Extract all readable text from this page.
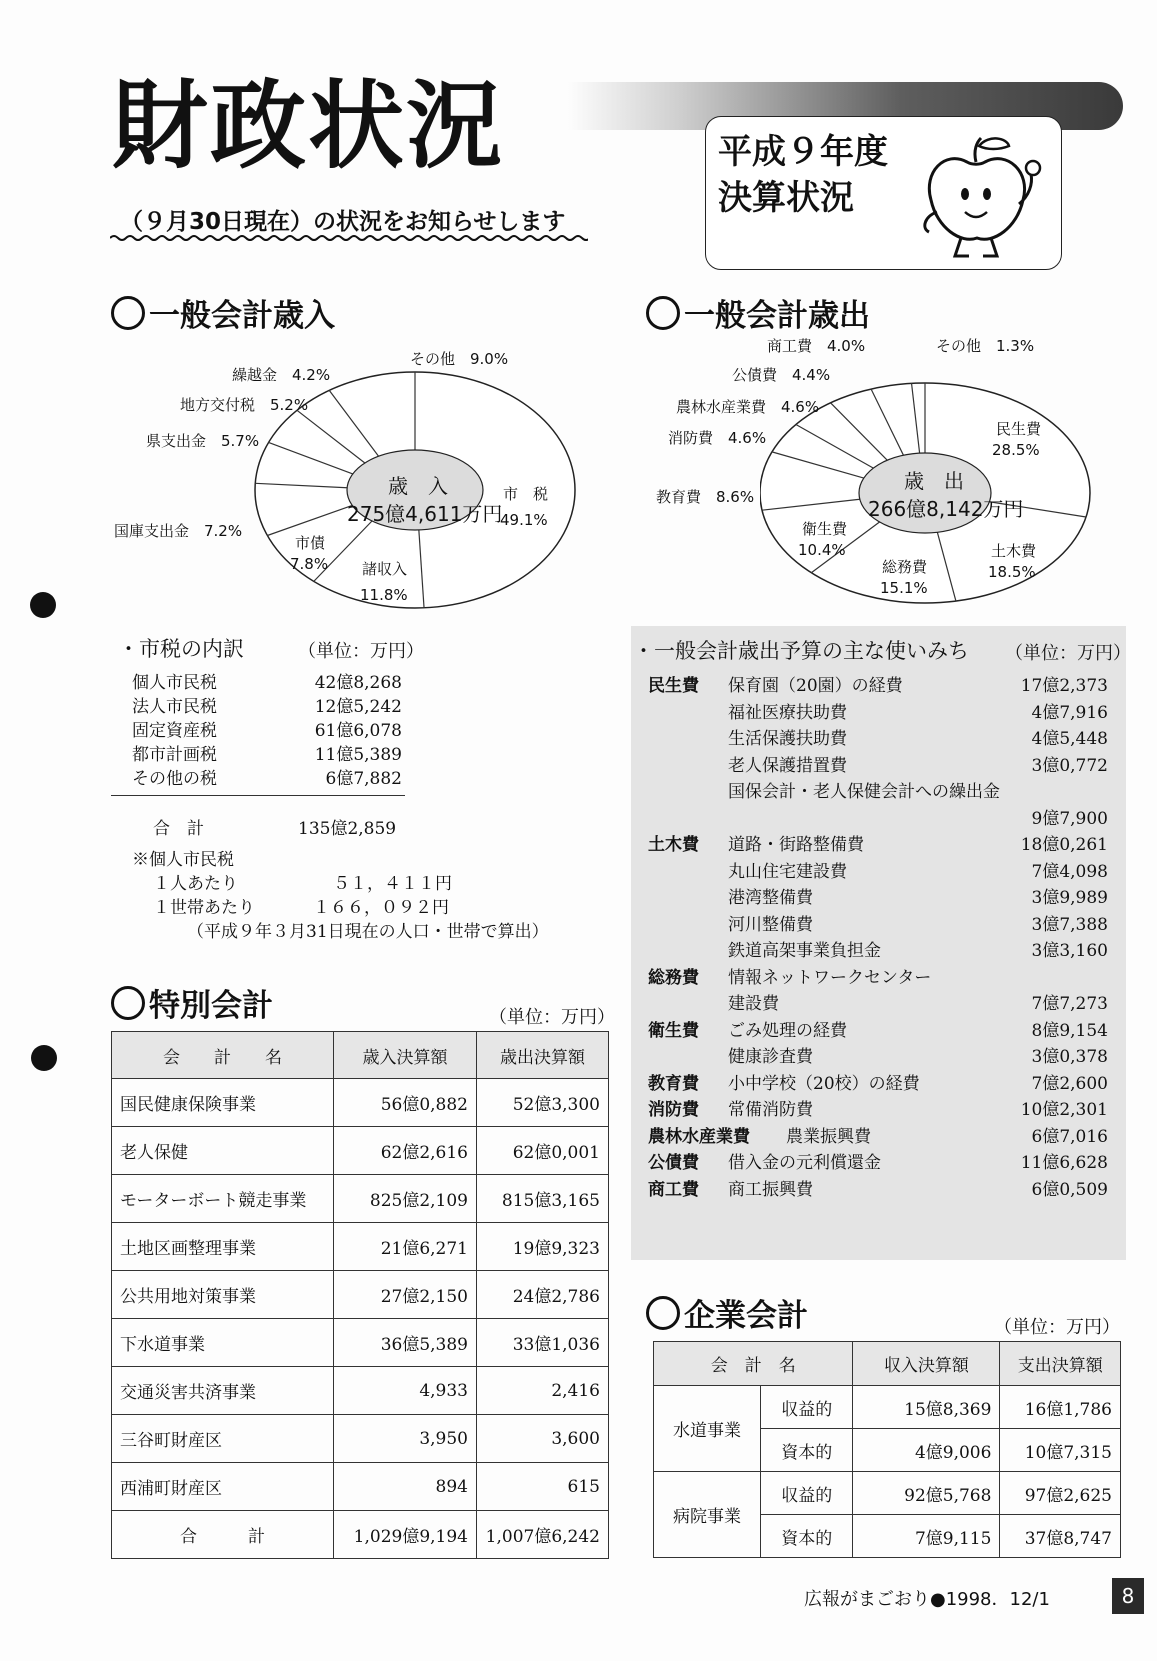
財政状況
（９月30日現在）の状況をお知らせします
平成９年度
決算状況
一般会計歳入
歳　入
275億4,611万円
市　税
49.1%
諸収入
11.8%
市債
7.8%
国庫支出金　7.2%
県支出金　5.7%
地方交付税　5.2%
繰越金　4.2%
その他　9.0%
一般会計歳出
歳　出
266億8,142万円
民生費
28.5%
土木費
18.5%
総務費
15.1%
衛生費
10.4%
教育費　8.6%
消防費　4.6%
農林水産業費　4.6%
公債費　4.4%
商工費　4.0%	その他　1.3%
・市税の内訳	（単位：万円）
個人市民税	42億8,268
法人市民税	12億5,242
固定資産税	61億6,078
都市計画税	11億5,389
その他の税	6億7,882
合　計	135億2,859
※個人市民税
１人あたり	５１，４１１円
１世帯あたり	１６６，０９２円
（平成９年３月31日現在の人口・世帯で算出）
特別会計	（単位：万円）
会　　計　　名	歳入決算額	歳出決算額
国民健康保険事業	56億0,882	52億3,300
老人保健	62億2,616	62億0,001
モーターボート競走事業	825億2,109	815億3,165
土地区画整理事業	21億6,271	19億9,323
公共用地対策事業	27億2,150	24億2,786
下水道事業	36億5,389	33億1,036
交通災害共済事業	4,933	2,416
三谷町財産区	3,950	3,600
西浦町財産区	894	615
合　　　計	1,029億9,194	1,007億6,242
・一般会計歳出予算の主な使いみち （単位：万円）
民生費 保育園（20園）の経費	17億2,373
福祉医療扶助費	4億7,916
生活保護扶助費	4億5,448
老人保護措置費	3億0,772
国保会計・老人保健会計への繰出金
9億7,900
土木費 道路・街路整備費	18億0,261
丸山住宅建設費	7億4,098
港湾整備費	3億9,989
河川整備費	3億7,388
鉄道高架事業負担金	3億3,160
総務費 情報ネットワークセンター
建設費	7億7,273
衛生費 ごみ処理の経費	8億9,154
健康診査費	3億0,378
教育費 小中学校（20校）の経費	7億2,600
消防費 常備消防費	10億2,301
農林水産業費 農業振興費	6億7,016
公債費 借入金の元利償還金	11億6,628
商工費 商工振興費	6億0,509
企業会計	（単位：万円）
会　計　名		収入決算額	支出決算額
水道事業	収益的	15億8,369	16億1,786
	資本的	4億9,006	10億7,315
病院事業	収益的	92億5,768	97億2,625
	資本的	7億9,115	37億8,747
広報がまごおり●1998．12/1	8
